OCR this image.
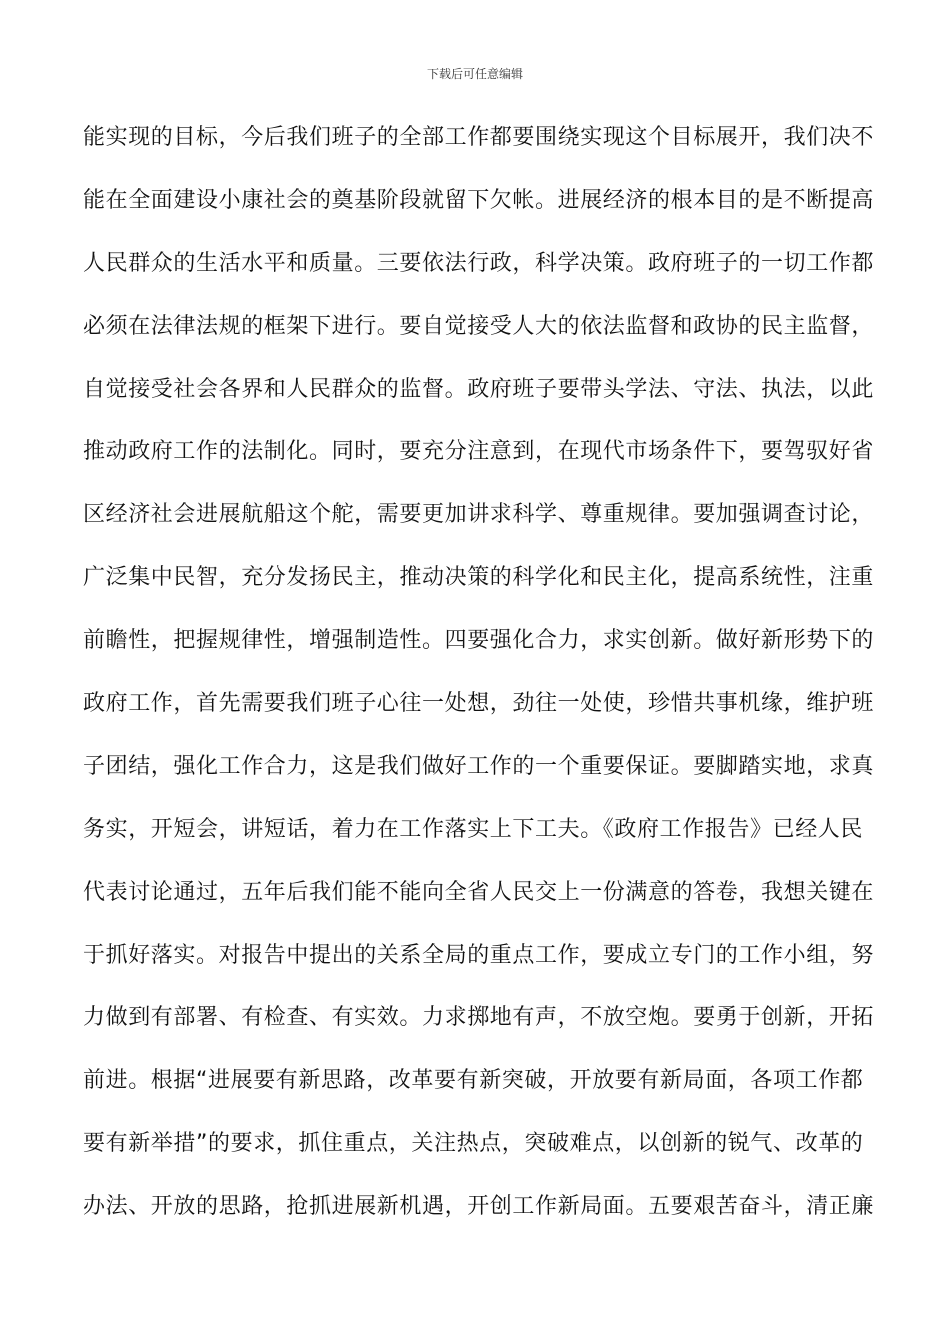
下载后可任意编辑
能实现的目标，今后我们班子的全部工作都要围绕实现这个目标展开，我们决不
能在全面建设小康社会的奠基阶段就留下欠帐。进展经济的根本目的是不断提高
人民群众的生活水平和质量。三要依法行政，科学决策。政府班子的一切工作都
必须在法律法规的框架下进行。要自觉接受人大的依法监督和政协的民主监督，
自觉接受社会各界和人民群众的监督。政府班子要带头学法、守法、执法，以此
推动政府工作的法制化。同时，要充分注意到，在现代市场条件下，要驾驭好省
区经济社会进展航船这个舵，需要更加讲求科学、尊重规律。要加强调查讨论，
广泛集中民智，充分发扬民主，推动决策的科学化和民主化，提高系统性，注重
前瞻性，把握规律性，增强制造性。四要强化合力，求实创新。做好新形势下的
政府工作，首先需要我们班子心往一处想，劲往一处使，珍惜共事机缘，维护班
子团结，强化工作合力，这是我们做好工作的一个重要保证。要脚踏实地，求真
务实，开短会，讲短话，着力在工作落实上下工夫。《政府工作报告》已经人民
代表讨论通过，五年后我们能不能向全省人民交上一份满意的答卷，我想关键在
于抓好落实。对报告中提出的关系全局的重点工作，要成立专门的工作小组，努
力做到有部署、有检查、有实效。力求掷地有声，不放空炮。要勇于创新，开拓
前进。根据“进展要有新思路，改革要有新突破，开放要有新局面，各项工作都
要有新举措”的要求，抓住重点，关注热点，突破难点，以创新的锐气、改革的
办法、开放的思路，抢抓进展新机遇，开创工作新局面。五要艰苦奋斗，清正廉
